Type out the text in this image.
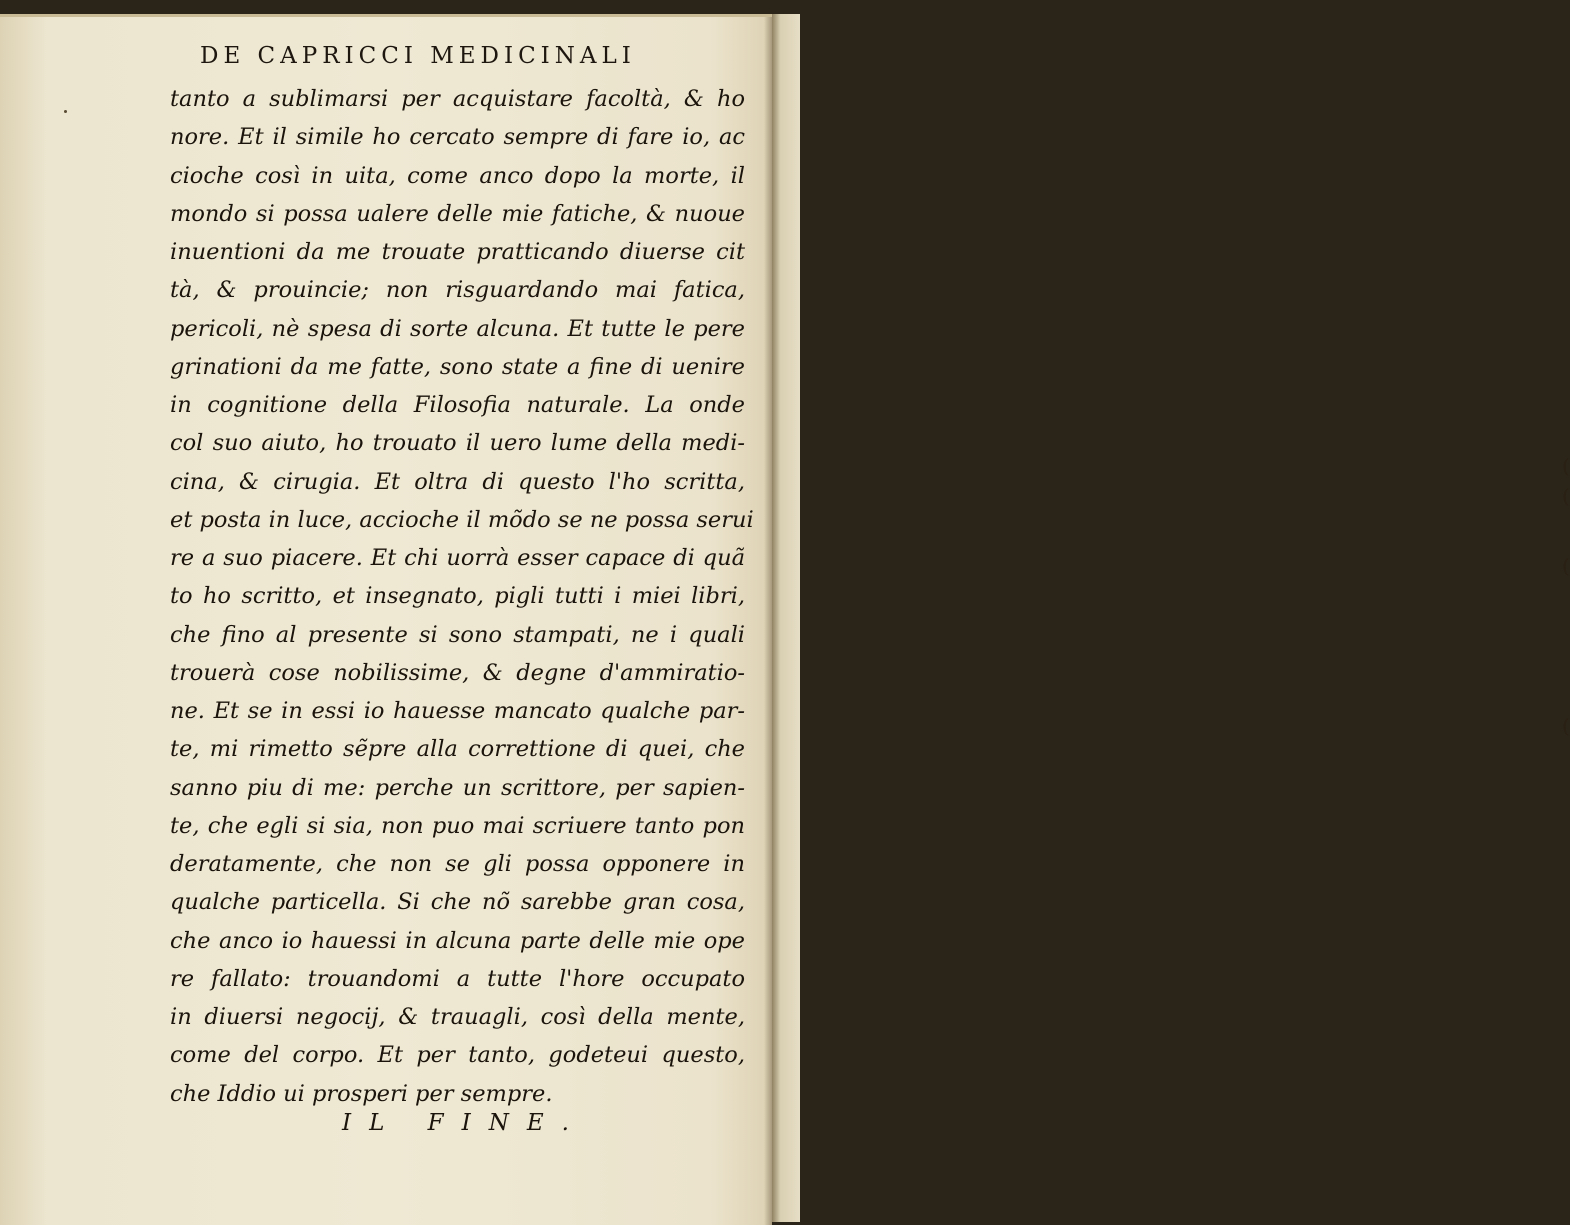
(
(
(
(
DE CAPRICCI MEDICINALI
tanto a sublimarsi per acquistare facoltà, & ho
nore. Et il simile ho cercato sempre di fare io, ac
cioche così in uita, come anco dopo la morte, il
mondo si possa ualere delle mie fatiche, & nuoue
inuentioni da me trouate pratticando diuerse cit
tà, & prouincie; non risguardando mai fatica,
pericoli, nè spesa di sorte alcuna. Et tutte le pere
grinationi da me fatte, sono state a fine di uenire
in cognitione della Filosofia naturale. La onde
col suo aiuto, ho trouato il uero lume della medi-
cina, & cirugia. Et oltra di questo l'ho scritta,
et posta in luce, accioche il mõdo se ne possa serui
re a suo piacere. Et chi uorrà esser capace di quã
to ho scritto, et insegnato, pigli tutti i miei libri,
che fino al presente si sono stampati, ne i quali
trouerà cose nobilissime, & degne d'ammiratio-
ne. Et se in essi io hauesse mancato qualche par-
te, mi rimetto sẽpre alla correttione di quei, che
sanno piu di me: perche un scrittore, per sapien-
te, che egli si sia, non puo mai scriuere tanto pon
deratamente, che non se gli possa opponere in
qualche particella. Si che nõ sarebbe gran cosa,
che anco io hauessi in alcuna parte delle mie ope
re fallato: trouandomi a tutte l'hore occupato
in diuersi negocij, & trauagli, così della mente,
come del corpo. Et per tanto, godeteui questo,
che Iddio ui prosperi per sempre.
IL FINE.
